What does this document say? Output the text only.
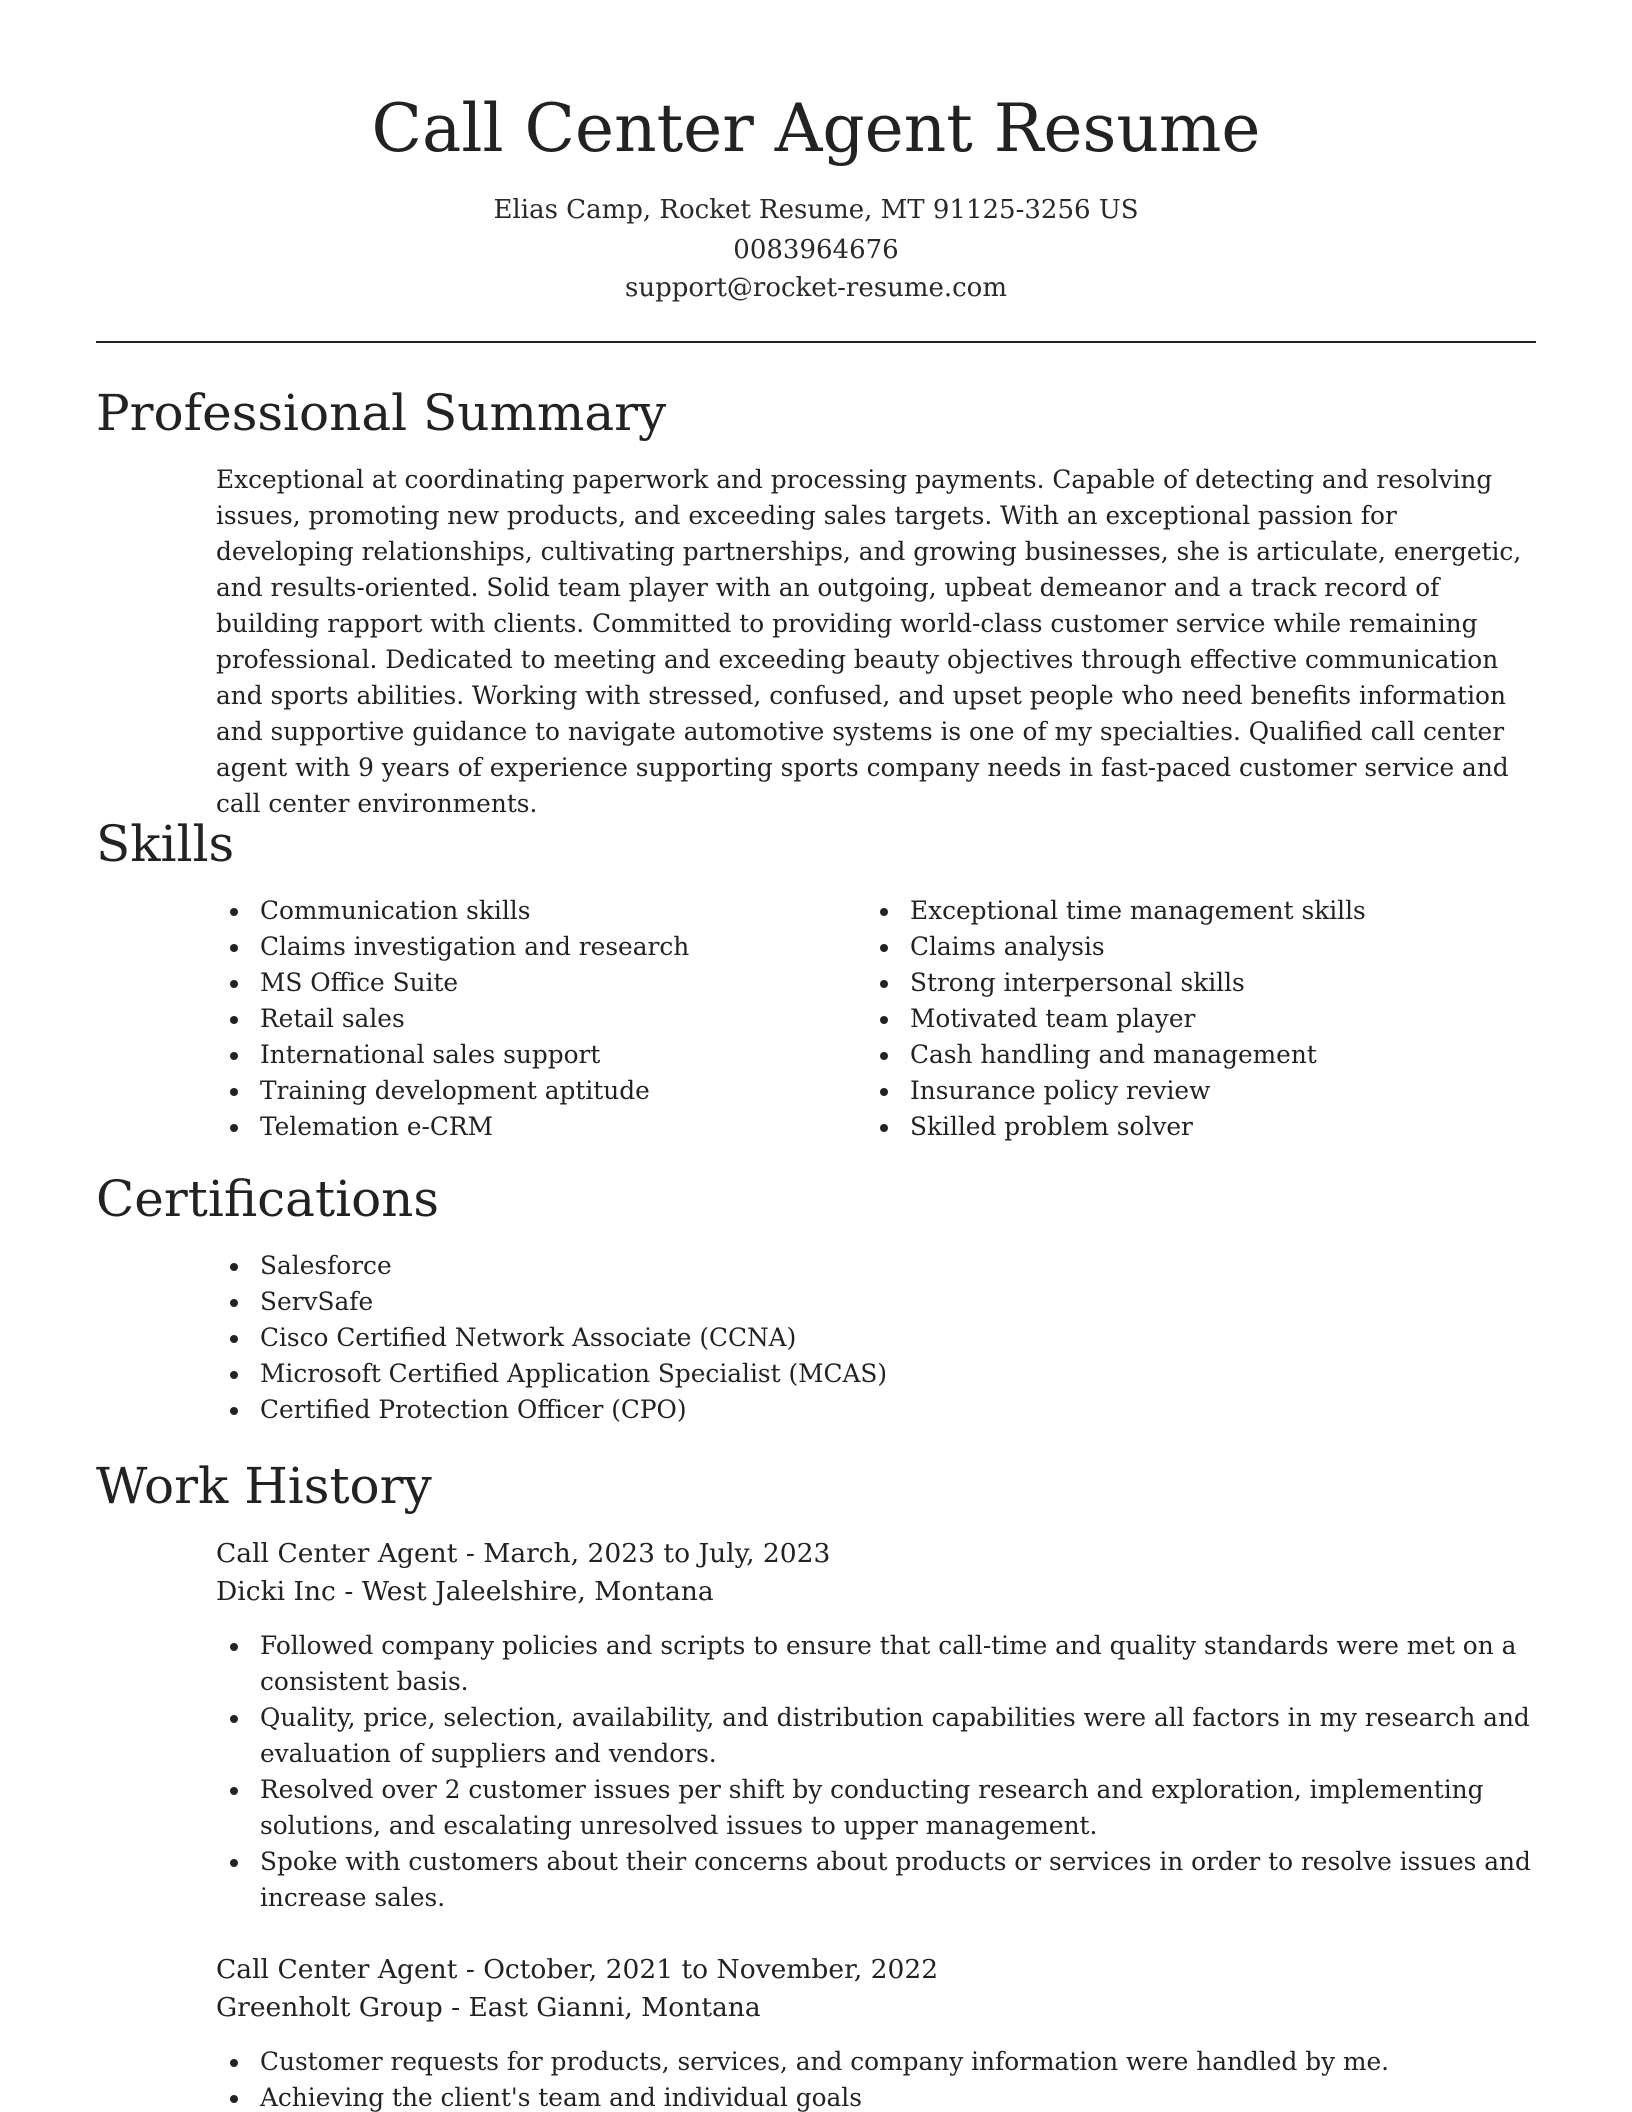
Call Center Agent Resume
Elias Camp, Rocket Resume, MT 91125-3256 US
0083964676
support@rocket-resume.com
Professional Summary

Exceptional at coordinating paperwork and processing payments. Capable of detecting and resolving issues, promoting new products, and exceeding sales targets. With an exceptional passion for developing relationships, cultivating partnerships, and growing businesses, she is articulate, energetic, and results-oriented. Solid team player with an outgoing, upbeat demeanor and a track record of building rapport with clients. Committed to providing world-class customer service while remaining professional. Dedicated to meeting and exceeding beauty objectives through effective communication and sports abilities. Working with stressed, confused, and upset people who need benefits information and supportive guidance to navigate automotive systems is one of my specialties. Qualified call center agent with 9 years of experience supporting sports company needs in fast-paced customer service and call center environments.

Skills
Communication skills
Claims investigation and research
MS Office Suite
Retail sales
International sales support
Training development aptitude
Telemation e-CRM
Exceptional time management skills
Claims analysis
Strong interpersonal skills
Motivated team player
Cash handling and management
Insurance policy review
Skilled problem solver
Certifications
Salesforce
ServSafe
Cisco Certified Network Associate (CCNA)
Microsoft Certified Application Specialist (MCAS)
Certified Protection Officer (CPO)
Work History
Call Center Agent - March, 2023 to July, 2023
Dicki Inc - West Jaleelshire, Montana
Followed company policies and scripts to ensure that call-time and quality standards were met on a consistent basis.
Quality, price, selection, availability, and distribution capabilities were all factors in my research and evaluation of suppliers and vendors.
Resolved over 2 customer issues per shift by conducting research and exploration, implementing solutions, and escalating unresolved issues to upper management.
Spoke with customers about their concerns about products or services in order to resolve issues and increase sales.
Call Center Agent - October, 2021 to November, 2022
Greenholt Group - East Gianni, Montana
Customer requests for products, services, and company information were handled by me.
Achieving the client's team and individual goals
